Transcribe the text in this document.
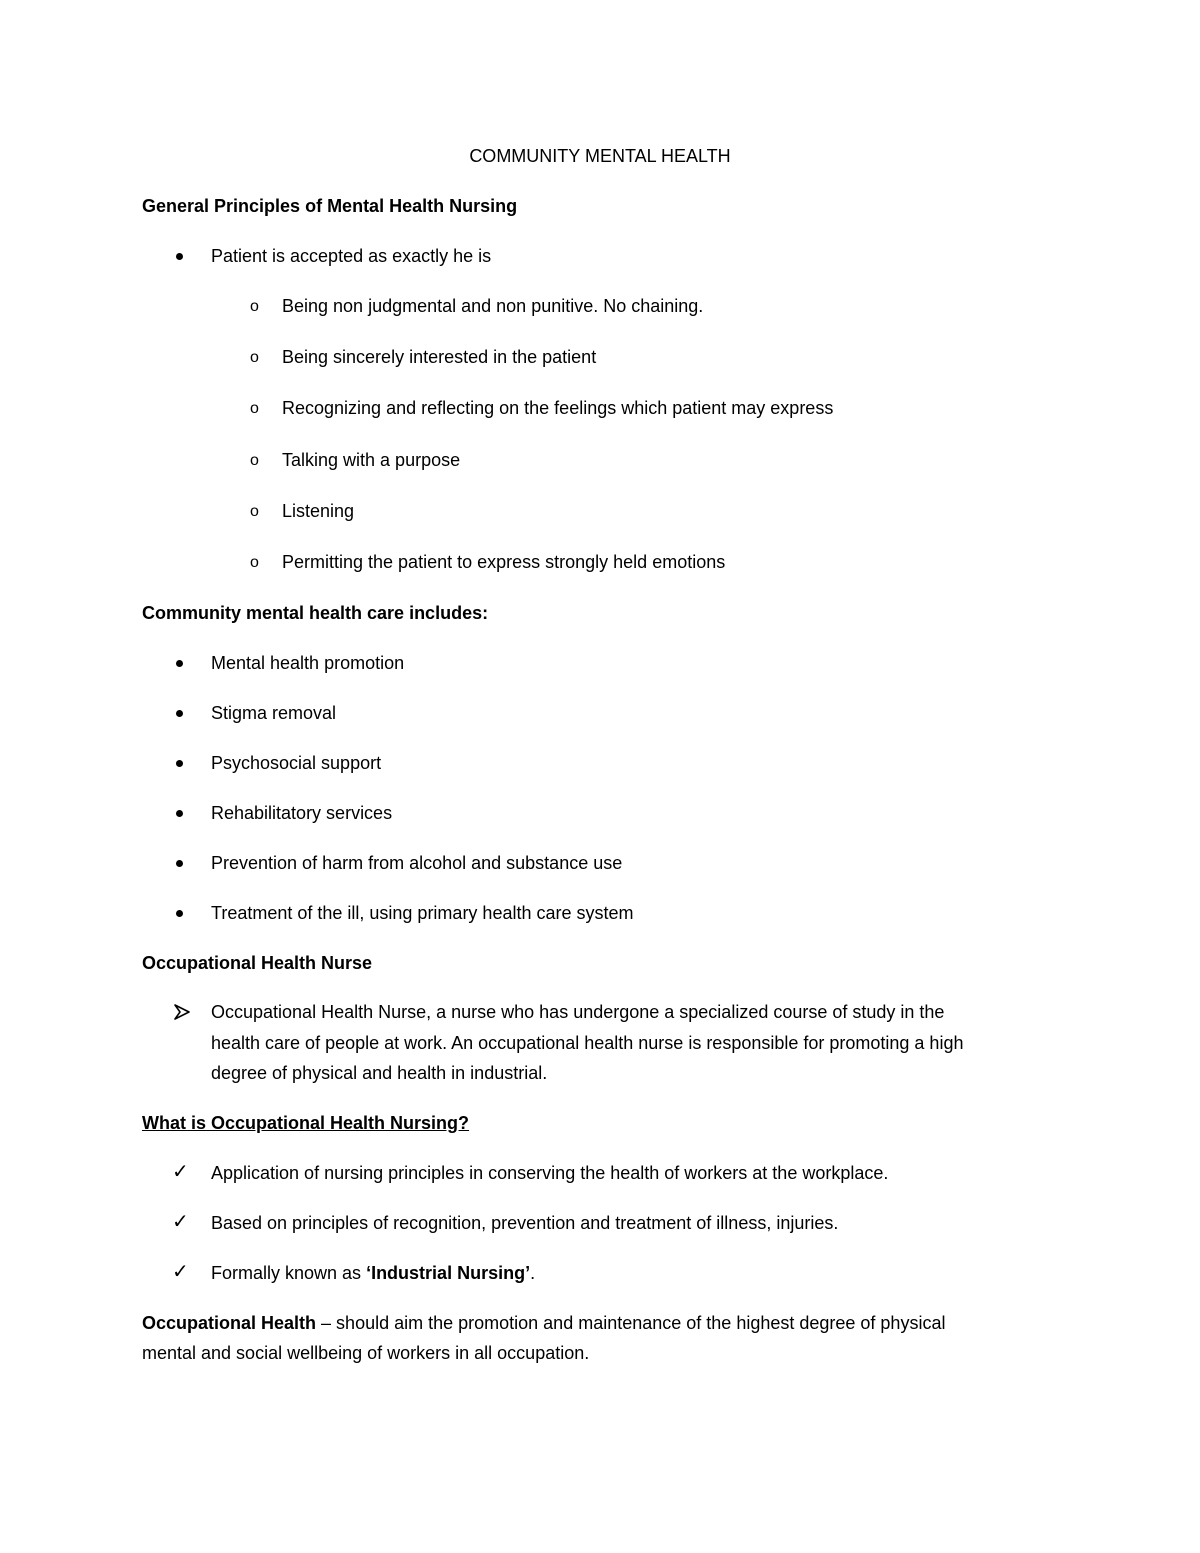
COMMUNITY MENTAL HEALTH
General Principles of Mental Health Nursing
Patient is accepted as exactly he is
o Being non judgmental and non punitive. No chaining.
o Being sincerely interested in the patient
o Recognizing and reflecting on the feelings which patient may express
o Talking with a purpose
o Listening
o Permitting the patient to express strongly held emotions
Community mental health care includes:
Mental health promotion
Stigma removal
Psychosocial support
Rehabilitatory services
Prevention of harm from alcohol and substance use
Treatment of the ill, using primary health care system
Occupational Health Nurse
Occupational Health Nurse, a nurse who has undergone a specialized course of study in the
health care of people at work. An occupational health nurse is responsible for promoting a high
degree of physical and health in industrial.
What is Occupational Health Nursing?
✓ Application of nursing principles in conserving the health of workers at the workplace.
✓ Based on principles of recognition, prevention and treatment of illness, injuries.
✓ Formally known as ‘Industrial Nursing’.
Occupational Health – should aim the promotion and maintenance of the highest degree of physical
mental and social wellbeing of workers in all occupation.
